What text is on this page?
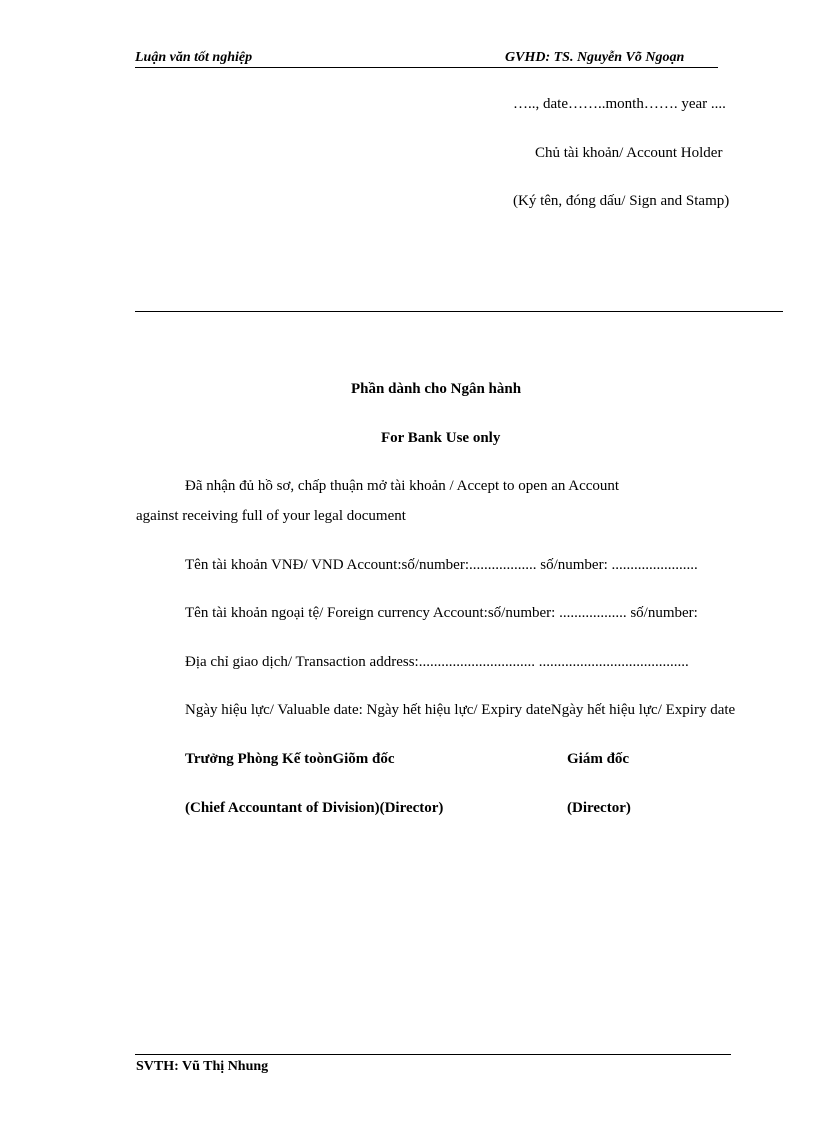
Luận văn tốt nghiệp	GVHD: TS. Nguyễn Võ Ngoạn
….., date……..month……. year ....
Chủ tài khoản/ Account Holder
(Ký tên, đóng dấu/ Sign and Stamp)
Phần dành cho Ngân hành
For Bank Use only
Đã nhận đủ hồ sơ, chấp thuận mở tài khoản / Accept to open an Account
against receiving full of your legal document
Tên tài khoản VNĐ/ VND Account:số/number:.................. số/number: .......................
Tên tài khoản ngoại tệ/ Foreign currency Account:số/number: .................. số/number:
Địa chỉ giao dịch/ Transaction address:............................... ........................................
Ngày hiệu lực/ Valuable date: Ngày hết hiệu lực/ Expiry dateNgày hết hiệu lực/ Expiry date
Trưởng Phòng Kế toònGiõm đốc	Giám đốc
(Chief Accountant of Division)(Director)	(Director)
SVTH: Vũ Thị Nhung
